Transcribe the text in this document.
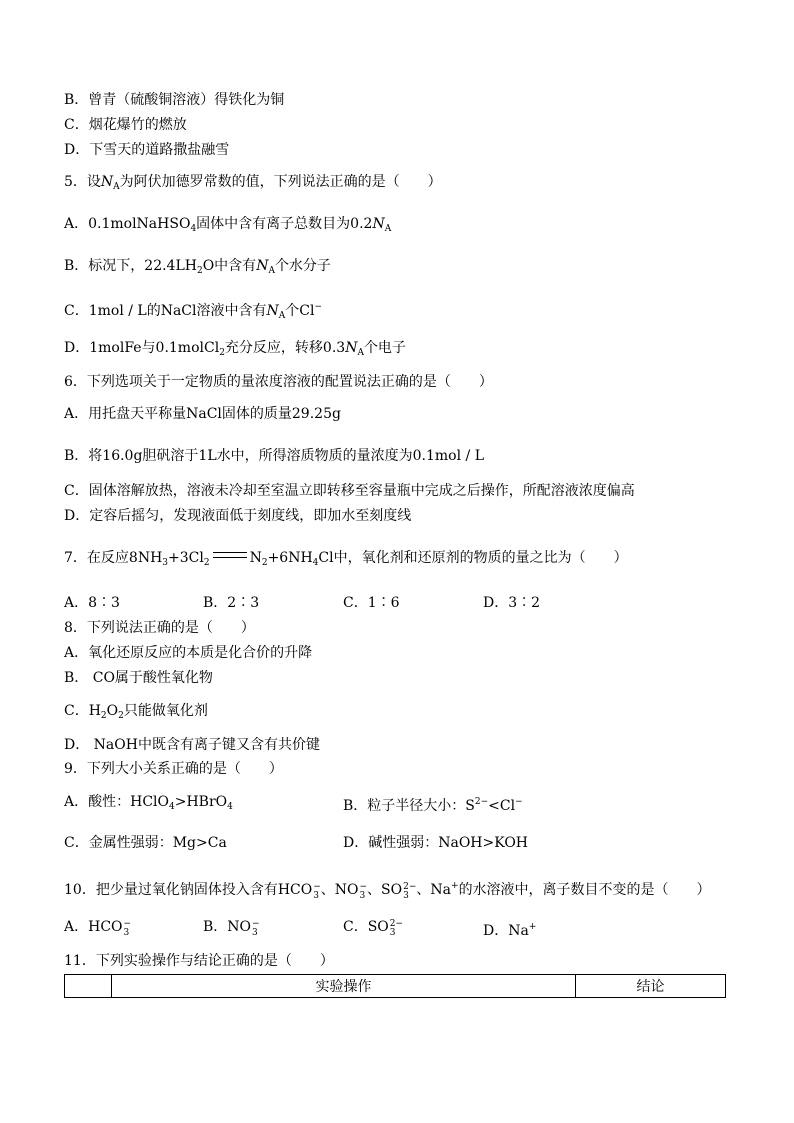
B．曾青（硫酸铜溶液）得铁化为铜
C．烟花爆竹的燃放
D．下雪天的道路撒盐融雪
5．设$N_A$为阿伏加德罗常数的值，下列说法正确的是（　　）
A．0.1molNaHSO$_4$固体中含有离子总数目为$0.2N_A$
B．标况下，$22.4LH_2O$中含有$N_A$个水分子
C．1mol / L的NaCl溶液中含有$N_A$个Cl−
D．1molFe与0.1molCl$_2$充分反应，转移$0.3N_A$个电子
6．下列选项关于一定物质的量浓度溶液的配置说法正确的是（　　）
A．用托盘天平称量NaCl固体的质量29.25g
B．将16.0g胆矾溶于1L水中，所得溶质物质的量浓度为0.1mol / L
C．固体溶解放热，溶液未冷却至室温立即转移至容量瓶中完成之后操作，所配溶液浓度偏高
D．定容后摇匀，发现液面低于刻度线，即加水至刻度线
7．在反应$8NH_3+3Cl_2$	$N_2+6NH_4Cl$中，氧化剂和还原剂的物质的量之比为（　　）
A．8∶3	B．2∶3	C．1∶6	D．3∶2
8．下列说法正确的是（　　）
A．氧化还原反应的本质是化合价的升降
B． CO属于酸性氧化物
C．$H_2O_2$只能做氧化剂
D． NaOH中既含有离子键又含有共价键
9．下列大小关系正确的是（　　）
A．酸性：HClO$_4$>HBrO$_4$	B．粒子半径大小：$S^{2-}<Cl^-$
C．金属性强弱：Mg>Ca	D．碱性强弱：NaOH>KOH
10．把少量过氧化钠固体投入含有HCO −
3 、NO −
3 、SO 2−
3 、Na+的水溶液中，离子数目不变的是（　　）
A．HCO −
3	B．NO −
3	C．SO 2−
3	D．Na+
11．下列实验操作与结论正确的是（　　）
	实验操作	结论
